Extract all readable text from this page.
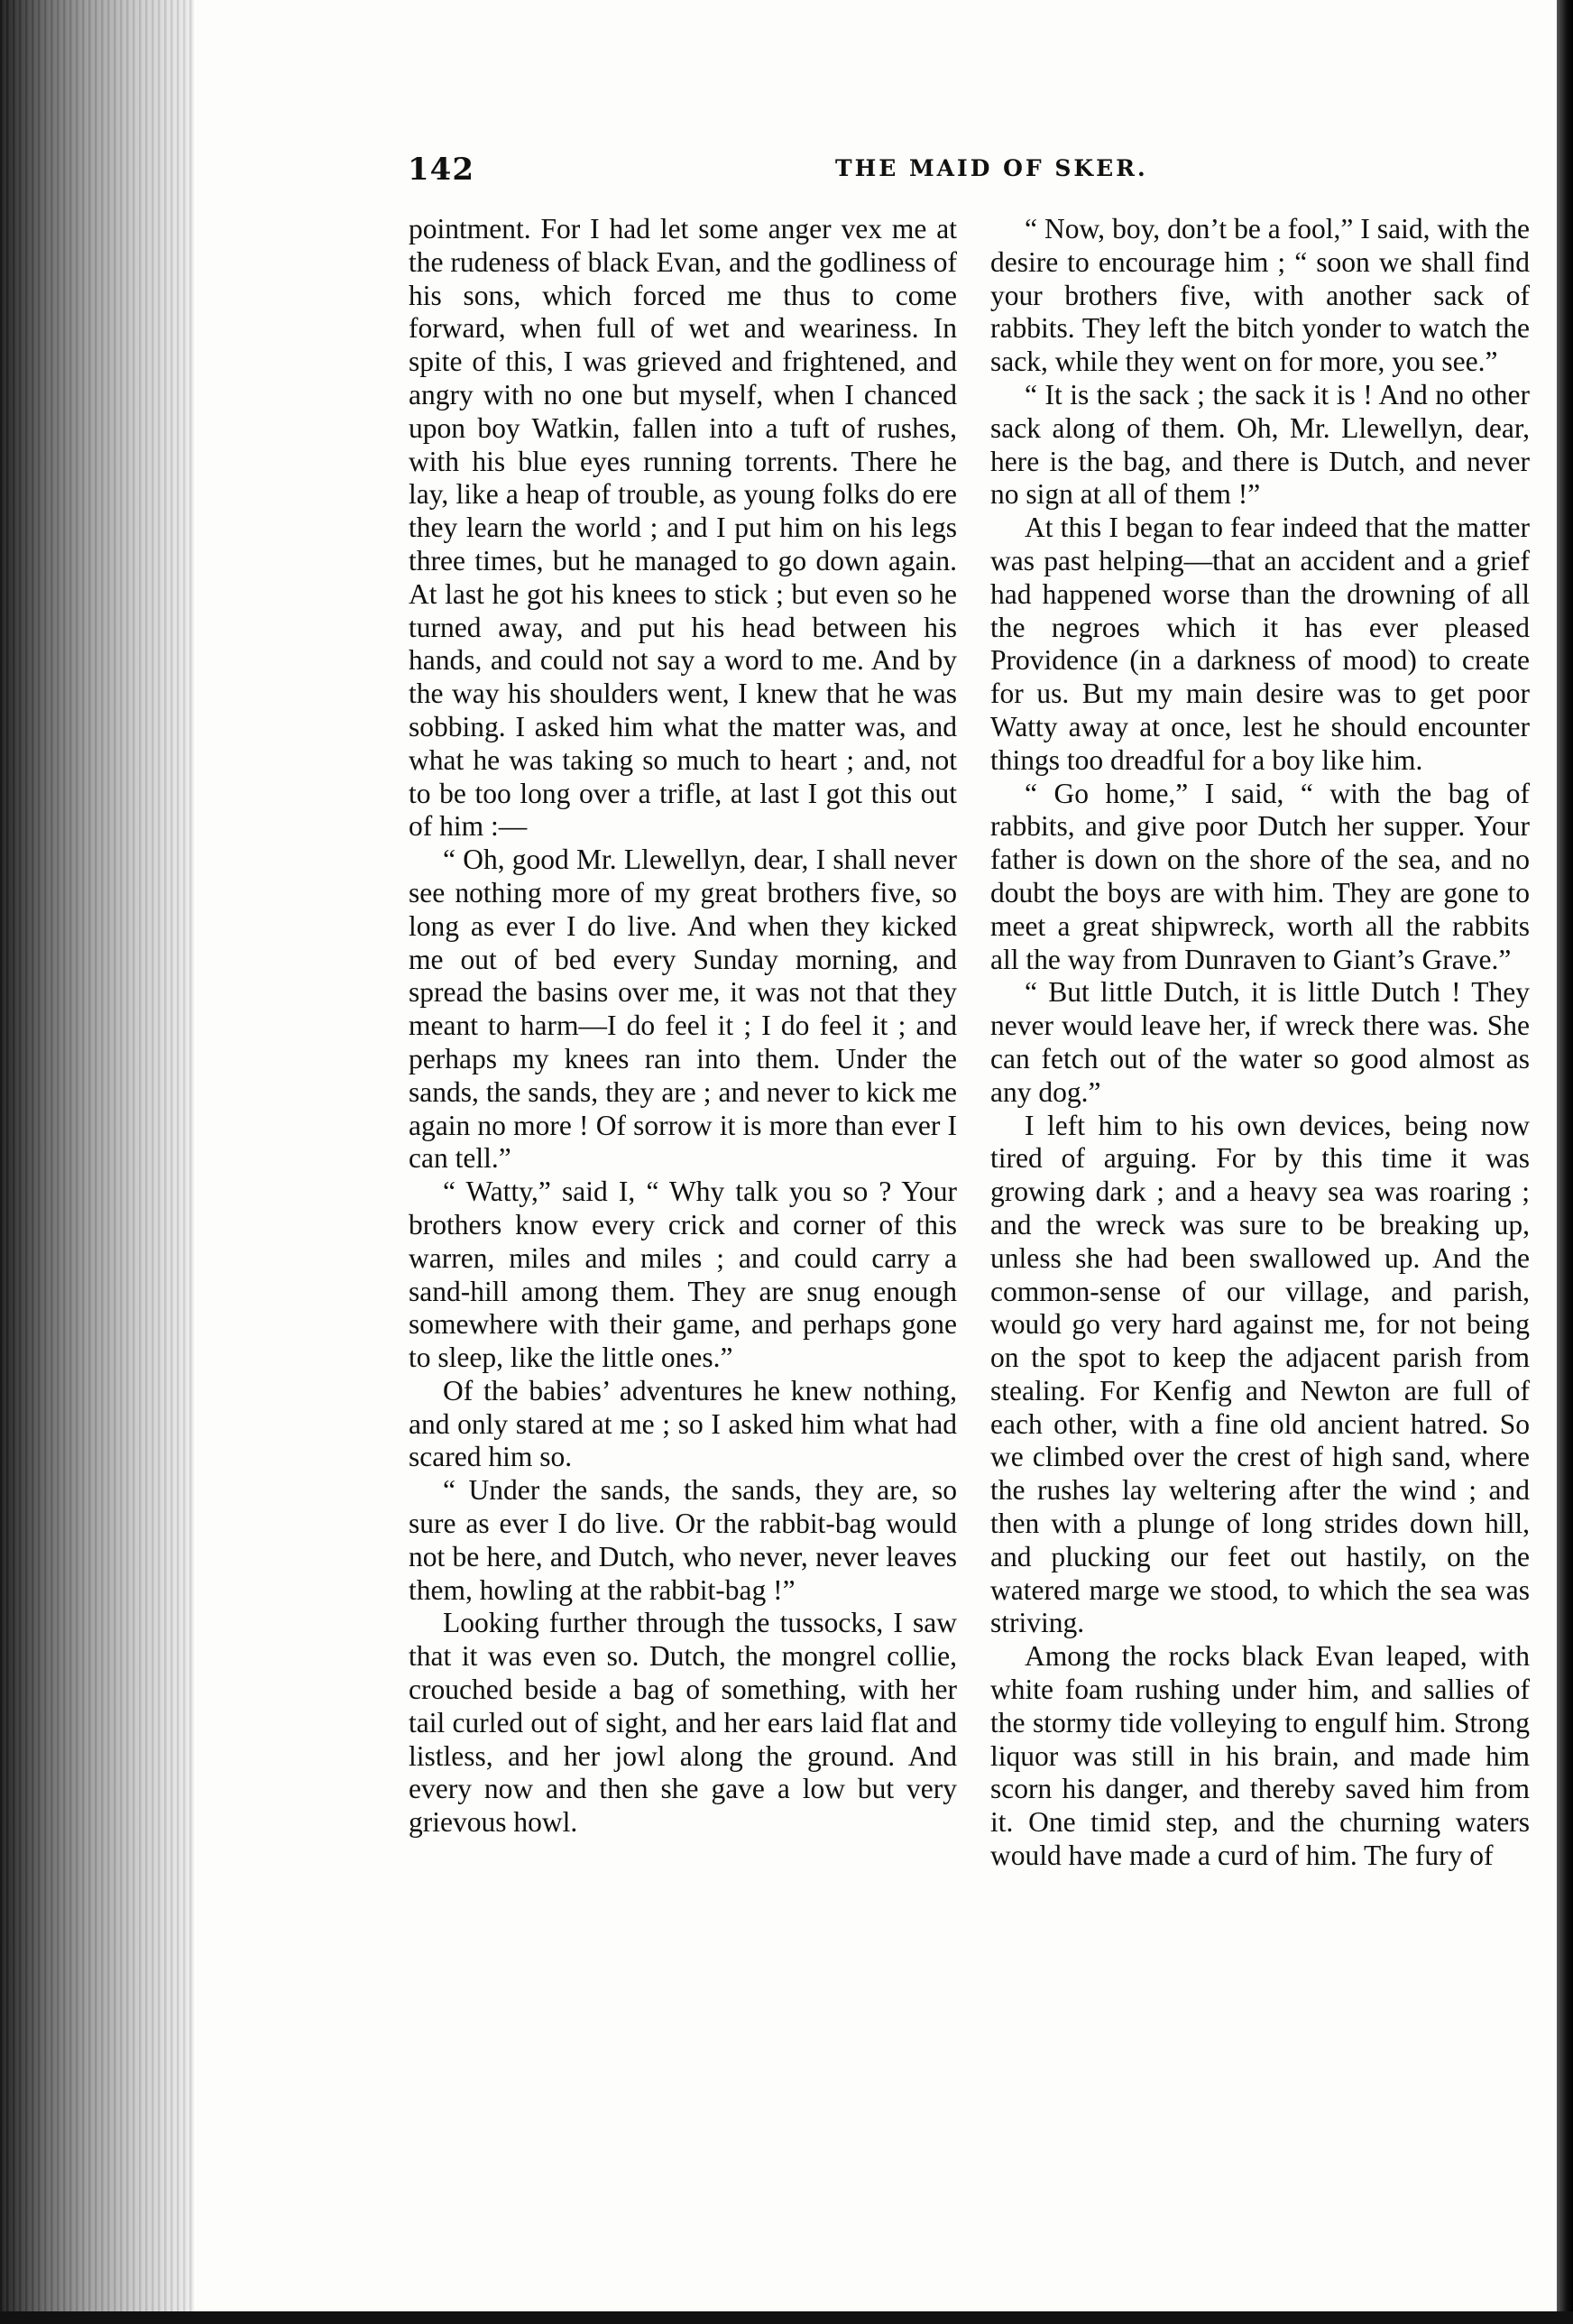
142	THE MAID OF SKER.

pointment. For I had let some anger vex me at the rudeness of black Evan, and the godliness of his sons, which forced me thus to come forward, when full of wet and weariness. In spite of this, I was grieved and frightened, and angry with no one but myself, when I chanced upon boy Watkin, fallen into a tuft of rushes, with his blue eyes running torrents. There he lay, like a heap of trouble, as young folks do ere they learn the world ; and I put him on his legs three times, but he managed to go down again. At last he got his knees to stick ; but even so he turned away, and put his head between his hands, and could not say a word to me. And by the way his shoulders went, I knew that he was sobbing. I asked him what the matter was, and what he was taking so much to heart ; and, not to be too long over a trifle, at last I got this out of him :—

“ Oh, good Mr. Llewellyn, dear, I shall never see nothing more of my great brothers five, so long as ever I do live. And when they kicked me out of bed every Sunday morning, and spread the basins over me, it was not that they meant to harm—I do feel it ; I do feel it ; and perhaps my knees ran into them. Under the sands, the sands, they are ; and never to kick me again no more ! Of sorrow it is more than ever I can tell.”

“ Watty,” said I, “ Why talk you so ? Your brothers know every crick and corner of this warren, miles and miles ; and could carry a sand-hill among them. They are snug enough somewhere with their game, and perhaps gone to sleep, like the little ones.”

Of the babies’ adventures he knew nothing, and only stared at me ; so I asked him what had scared him so.

“ Under the sands, the sands, they are, so sure as ever I do live. Or the rabbit-bag would not be here, and Dutch, who never, never leaves them, howling at the rabbit-bag !”

Looking further through the tussocks, I saw that it was even so. Dutch, the mongrel collie, crouched beside a bag of something, with her tail curled out of sight, and her ears laid flat and listless, and her jowl along the ground. And every now and then she gave a low but very grievous howl.

“ Now, boy, don’t be a fool,” I said, with the desire to encourage him ; “ soon we shall find your brothers five, with another sack of rabbits. They left the bitch yonder to watch the sack, while they went on for more, you see.”

“ It is the sack ; the sack it is ! And no other sack along of them. Oh, Mr. Llewellyn, dear, here is the bag, and there is Dutch, and never no sign at all of them !”

At this I began to fear indeed that the matter was past helping—that an accident and a grief had happened worse than the drowning of all the negroes which it has ever pleased Providence (in a darkness of mood) to create for us. But my main desire was to get poor Watty away at once, lest he should encounter things too dreadful for a boy like him.

“ Go home,” I said, “ with the bag of rabbits, and give poor Dutch her supper. Your father is down on the shore of the sea, and no doubt the boys are with him. They are gone to meet a great shipwreck, worth all the rabbits all the way from Dunraven to Giant’s Grave.”

“ But little Dutch, it is little Dutch ! They never would leave her, if wreck there was. She can fetch out of the water so good almost as any dog.”

I left him to his own devices, being now tired of arguing. For by this time it was growing dark ; and a heavy sea was roaring ; and the wreck was sure to be breaking up, unless she had been swallowed up. And the common-sense of our village, and parish, would go very hard against me, for not being on the spot to keep the adjacent parish from stealing. For Kenfig and Newton are full of each other, with a fine old ancient hatred. So we climbed over the crest of high sand, where the rushes lay weltering after the wind ; and then with a plunge of long strides down hill, and plucking our feet out hastily, on the watered marge we stood, to which the sea was striving.

Among the rocks black Evan leaped, with white foam rushing under him, and sallies of the stormy tide volleying to engulf him. Strong liquor was still in his brain, and made him scorn his danger, and thereby saved him from it. One timid step, and the churning waters would have made a curd of him. The fury of
